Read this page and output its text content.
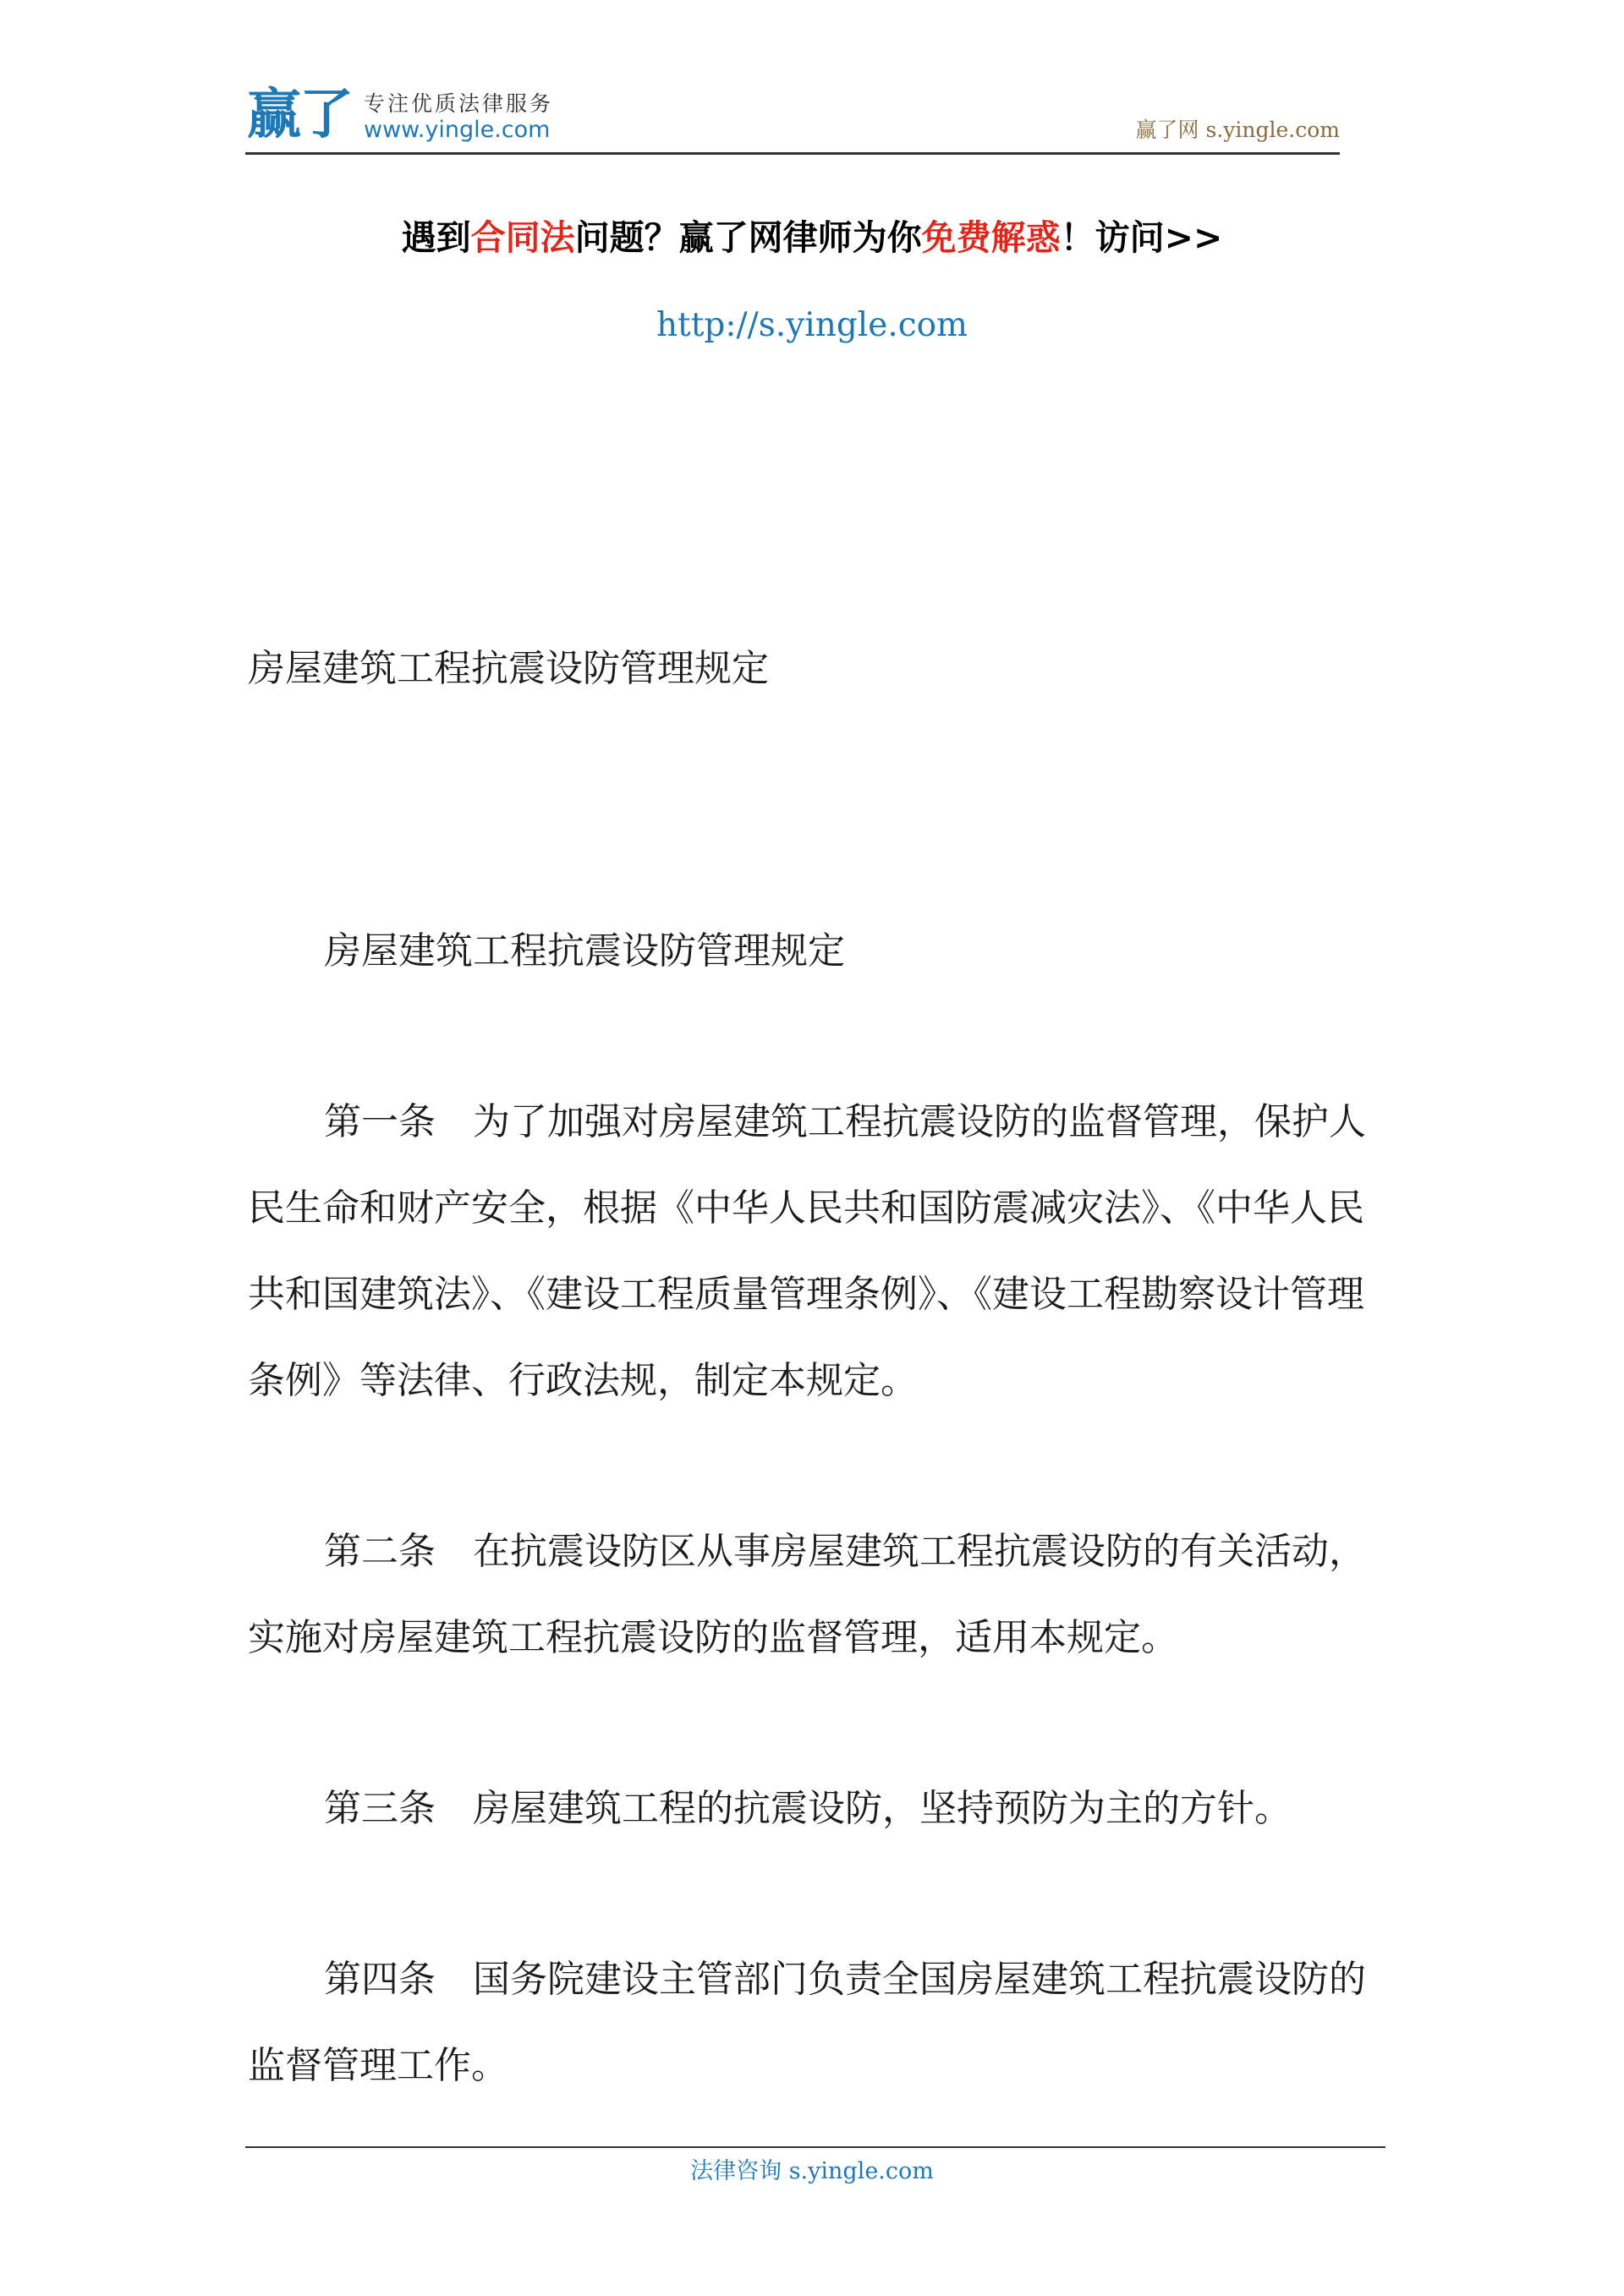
赢了 专注优质法律服务
www.yingle.com	赢了网 s.yingle.com
遇到合同法问题？赢了网律师为你免费解惑！访问>>
http://s.yingle.com
房屋建筑工程抗震设防管理规定

房屋建筑工程抗震设防管理规定

第一条 为了加强对房屋建筑工程抗震设防的监督管理，保护人民生命和财产安全，根据《中华人民共和国防震减灾法》、《中华人民共和国建筑法》、《建设工程质量管理条例》、《建设工程勘察设计管理条例》等法律、行政法规，制定本规定。

第二条 在抗震设防区从事房屋建筑工程抗震设防的有关活动，实施对房屋建筑工程抗震设防的监督管理，适用本规定。

第三条 房屋建筑工程的抗震设防，坚持预防为主的方针。

第四条 国务院建设主管部门负责全国房屋建筑工程抗震设防的监督管理工作。

法律咨询 s.yingle.com
